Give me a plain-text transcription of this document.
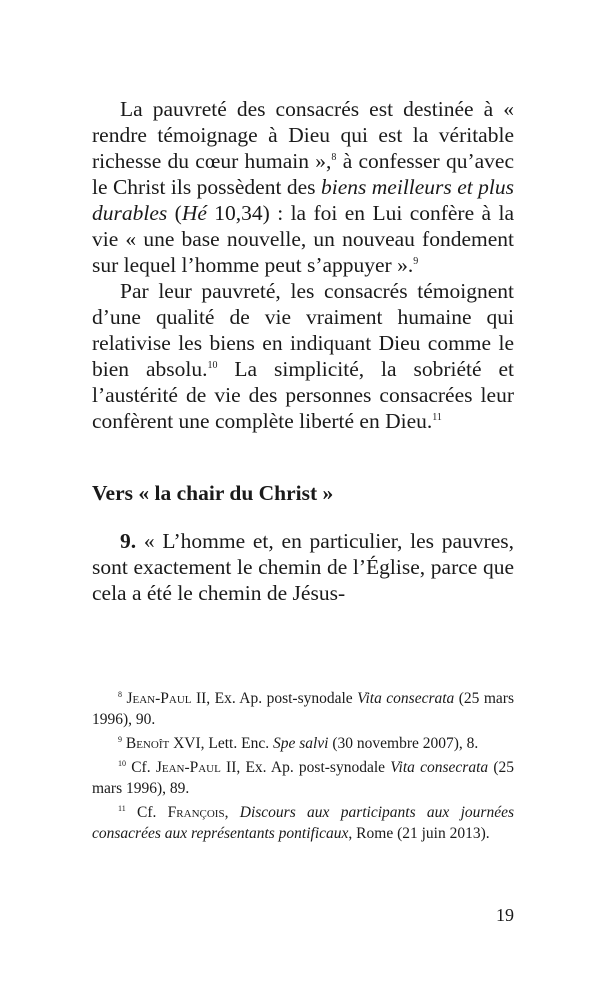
La pauvreté des consacrés est destinée à « rendre témoignage à Dieu qui est la véritable richesse du cœur humain »,$^8$ à confesser qu’avec le Christ ils possèdent des biens meilleurs et plus durables (Hé 10,34) : la foi en Lui confère à la vie « une base nouvelle, un nouveau fondement sur lequel l’homme peut s’appuyer ».$^9$

Par leur pauvreté, les consacrés témoignent d’une qualité de vie vraiment humaine qui relativise les biens en indiquant Dieu comme le bien absolu.$^{10}$ La simplicité, la sobriété et l’austérité de vie des personnes consacrées leur confèrent une complète liberté en Dieu.$^{11}$

Vers « la chair du Christ »

9. « L’homme et, en particulier, les pauvres, sont exactement le chemin de l’Église, parce que cela a été le chemin de Jésus-

$^8$ Jean-Paul II, Ex. Ap. post-synodale Vita consecrata (25 mars 1996), 90.

$^9$ Benoît XVI, Lett. Enc. Spe salvi (30 novembre 2007), 8.

$^{10}$ Cf. Jean-Paul II, Ex. Ap. post-synodale Vita consecrata (25 mars 1996), 89.

$^{11}$ Cf. François, Discours aux participants aux journées consacrées aux représentants pontificaux, Rome (21 juin 2013).

19
